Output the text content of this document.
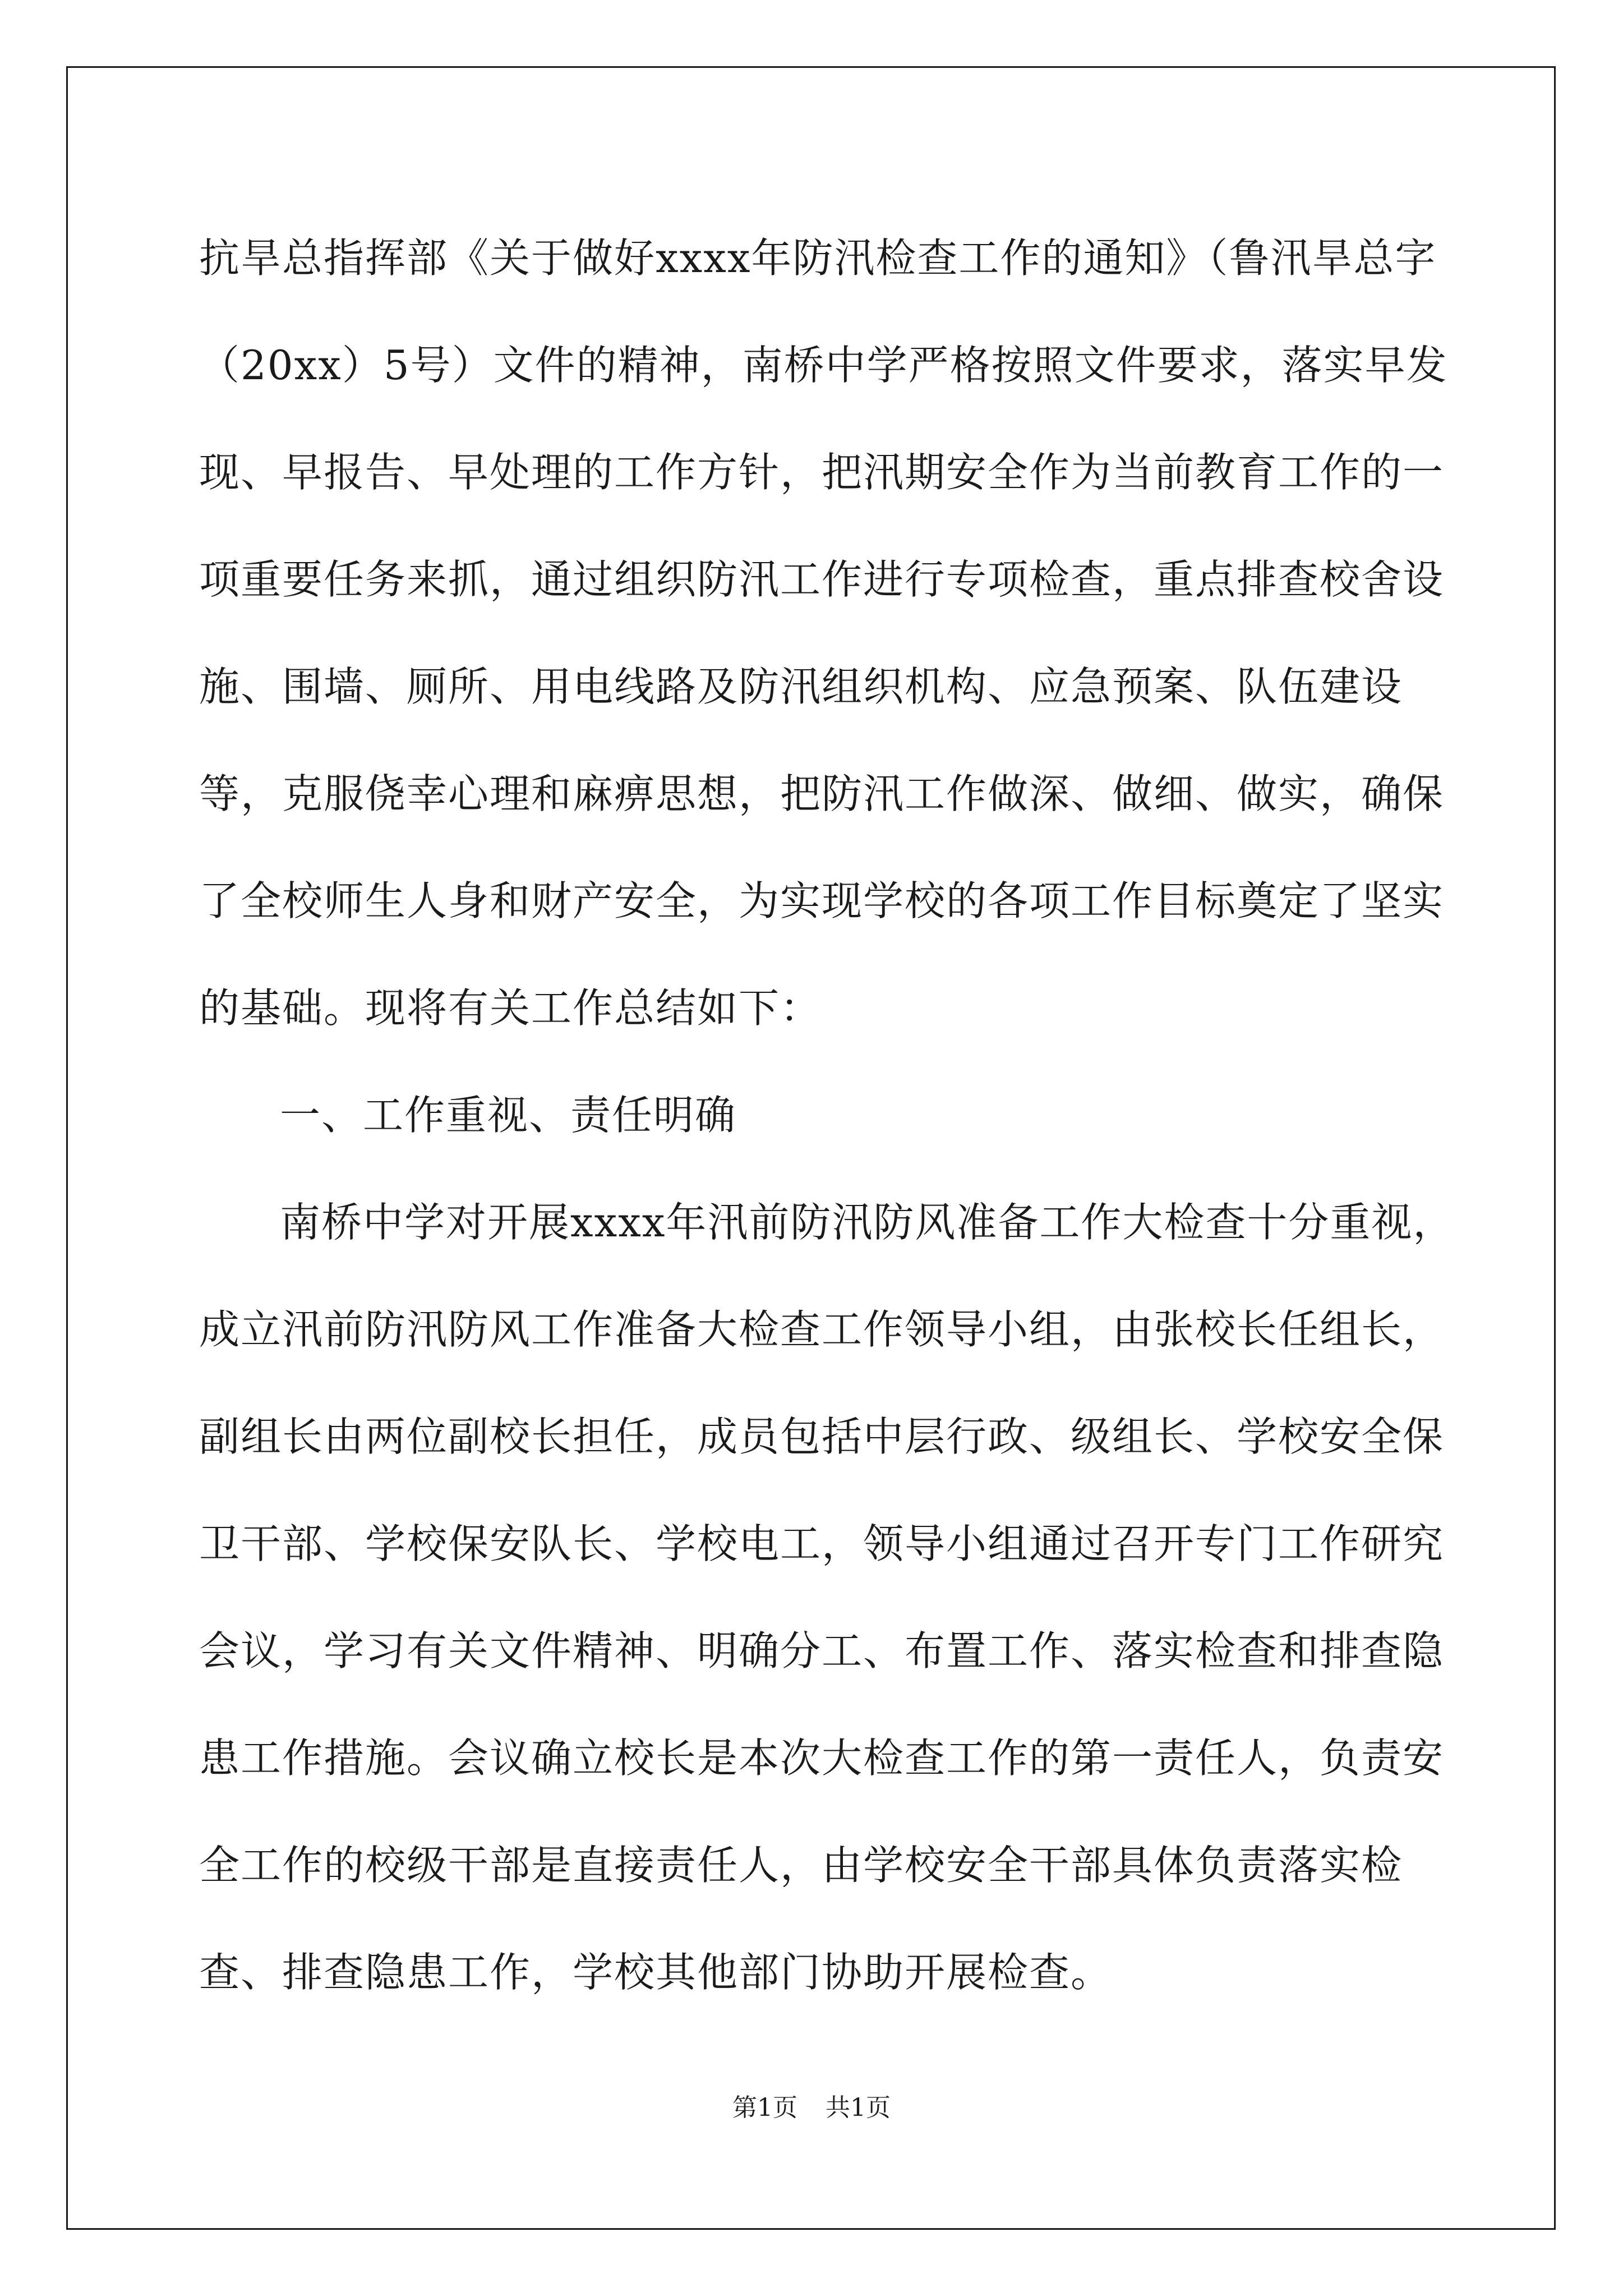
抗旱总指挥部《关于做好xxxx年防汛检查工作的通知》（鲁汛旱总字（20xx）5号）文件的精神，南桥中学严格按照文件要求，落实早发现、早报告、早处理的工作方针，把汛期安全作为当前教育工作的一项重要任务来抓，通过组织防汛工作进行专项检查，重点排查校舍设施、围墙、厕所、用电线路及防汛组织机构、应急预案、队伍建设等，克服侥幸心理和麻痹思想，把防汛工作做深、做细、做实，确保了全校师生人身和财产安全，为实现学校的各项工作目标奠定了坚实的基础。现将有关工作总结如下：

一、工作重视、责任明确

南桥中学对开展xxxx年汛前防汛防风准备工作大检查十分重视，成立汛前防汛防风工作准备大检查工作领导小组，由张校长任组长，副组长由两位副校长担任，成员包括中层行政、级组长、学校安全保卫干部、学校保安队长、学校电工，领导小组通过召开专门工作研究会议，学习有关文件精神、明确分工、布置工作、落实检查和排查隐患工作措施。会议确立校长是本次大检查工作的第一责任人，负责安全工作的校级干部是直接责任人，由学校安全干部具体负责落实检查、排查隐患工作，学校其他部门协助开展检查。

第1页 共1页
